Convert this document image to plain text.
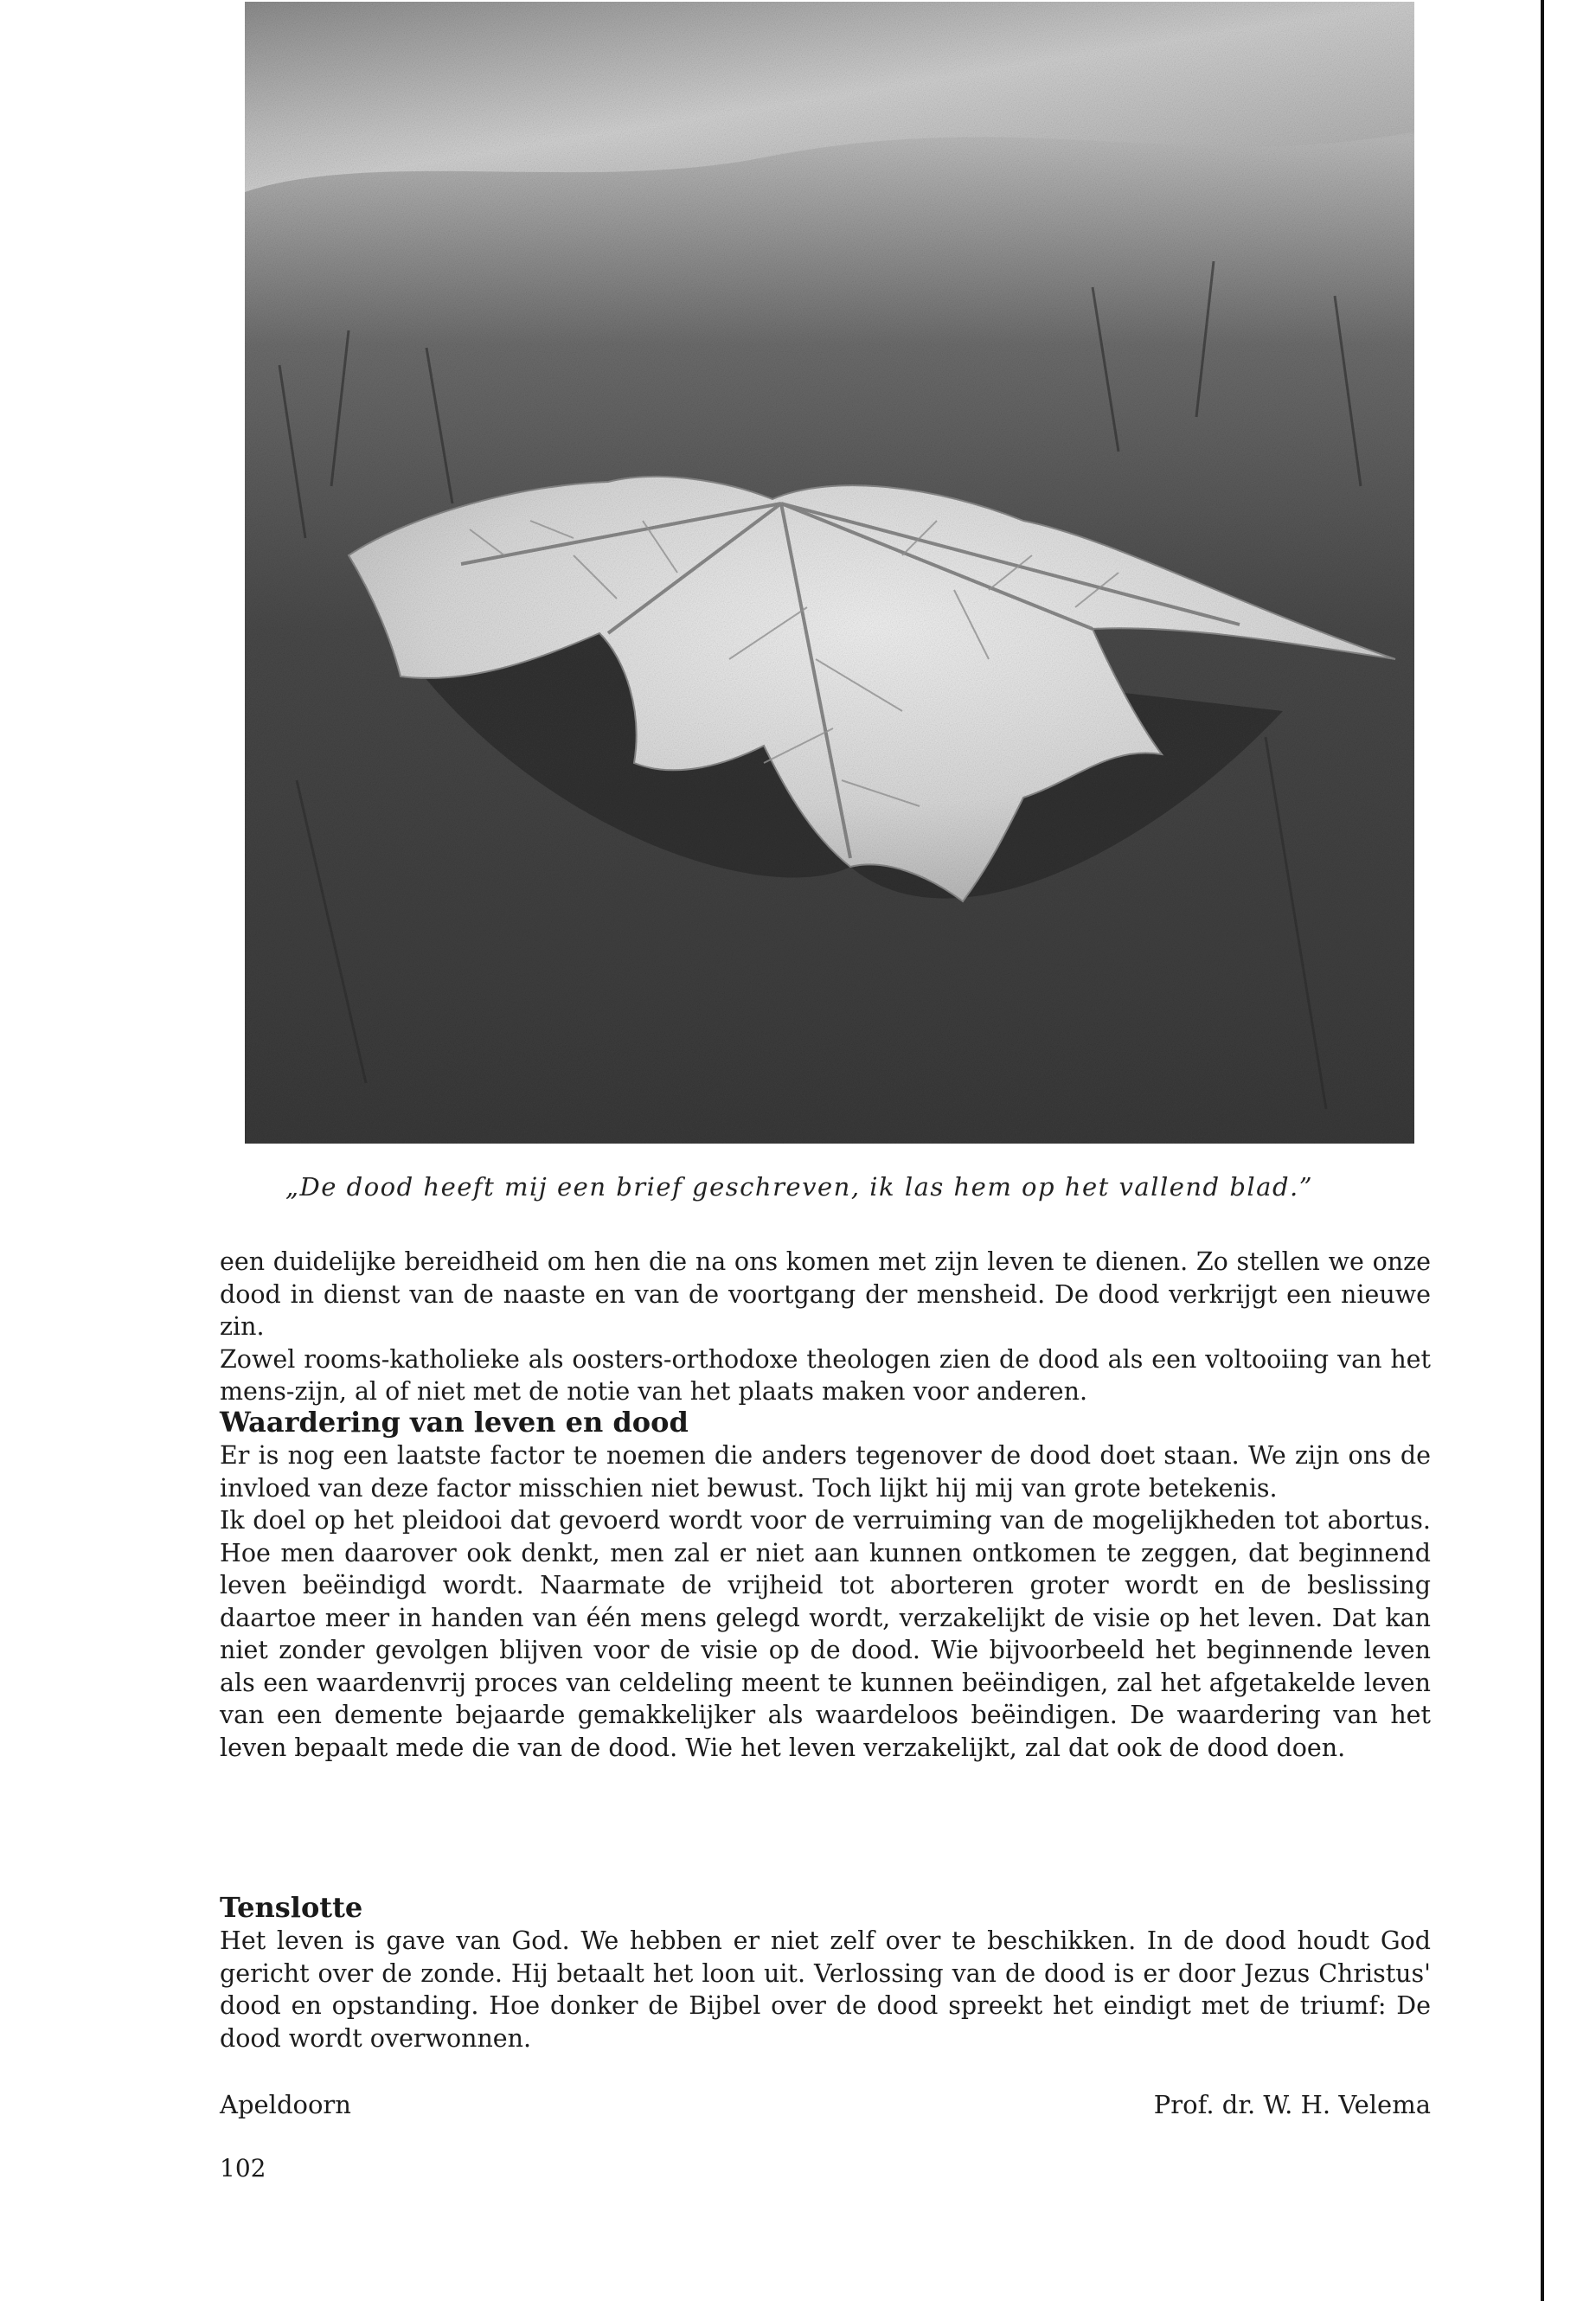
„De dood heeft mij een brief geschreven, ik las hem op het vallend blad.”

een duidelijke bereidheid om hen die na ons komen met zijn leven te dienen. Zo stellen we onze dood in dienst van de naaste en van de voortgang der mensheid. De dood verkrijgt een nieuwe zin.

Zowel rooms-katholieke als oosters-orthodoxe theologen zien de dood als een voltooiing van het mens-zijn, al of niet met de notie van het plaats maken voor anderen.

Waardering van leven en dood

Er is nog een laatste factor te noemen die anders tegenover de dood doet staan. We zijn ons de invloed van deze factor misschien niet bewust. Toch lijkt hij mij van grote betekenis.

Ik doel op het pleidooi dat gevoerd wordt voor de verruiming van de mogelijkheden tot abortus. Hoe men daarover ook denkt, men zal er niet aan kunnen ontkomen te zeggen, dat beginnend leven beëindigd wordt. Naarmate de vrijheid tot aborteren groter wordt en de beslissing daartoe meer in handen van één mens gelegd wordt, verzakelijkt de visie op het leven. Dat kan niet zonder gevolgen blijven voor de visie op de dood. Wie bijvoorbeeld het beginnende leven als een waardenvrij proces van celdeling meent te kunnen beëindigen, zal het afgetakelde leven van een demente bejaarde gemakkelijker als waardeloos beëindigen. De waardering van het leven bepaalt mede die van de dood. Wie het leven verzakelijkt, zal dat ook de dood doen.

Tenslotte

Het leven is gave van God. We hebben er niet zelf over te beschikken. In de dood houdt God gericht over de zonde. Hij betaalt het loon uit. Verlossing van de dood is er door Jezus Christus' dood en opstanding. Hoe donker de Bijbel over de dood spreekt het eindigt met de triumf: De dood wordt overwonnen.

Apeldoorn	Prof. dr. W. H. Velema
102
